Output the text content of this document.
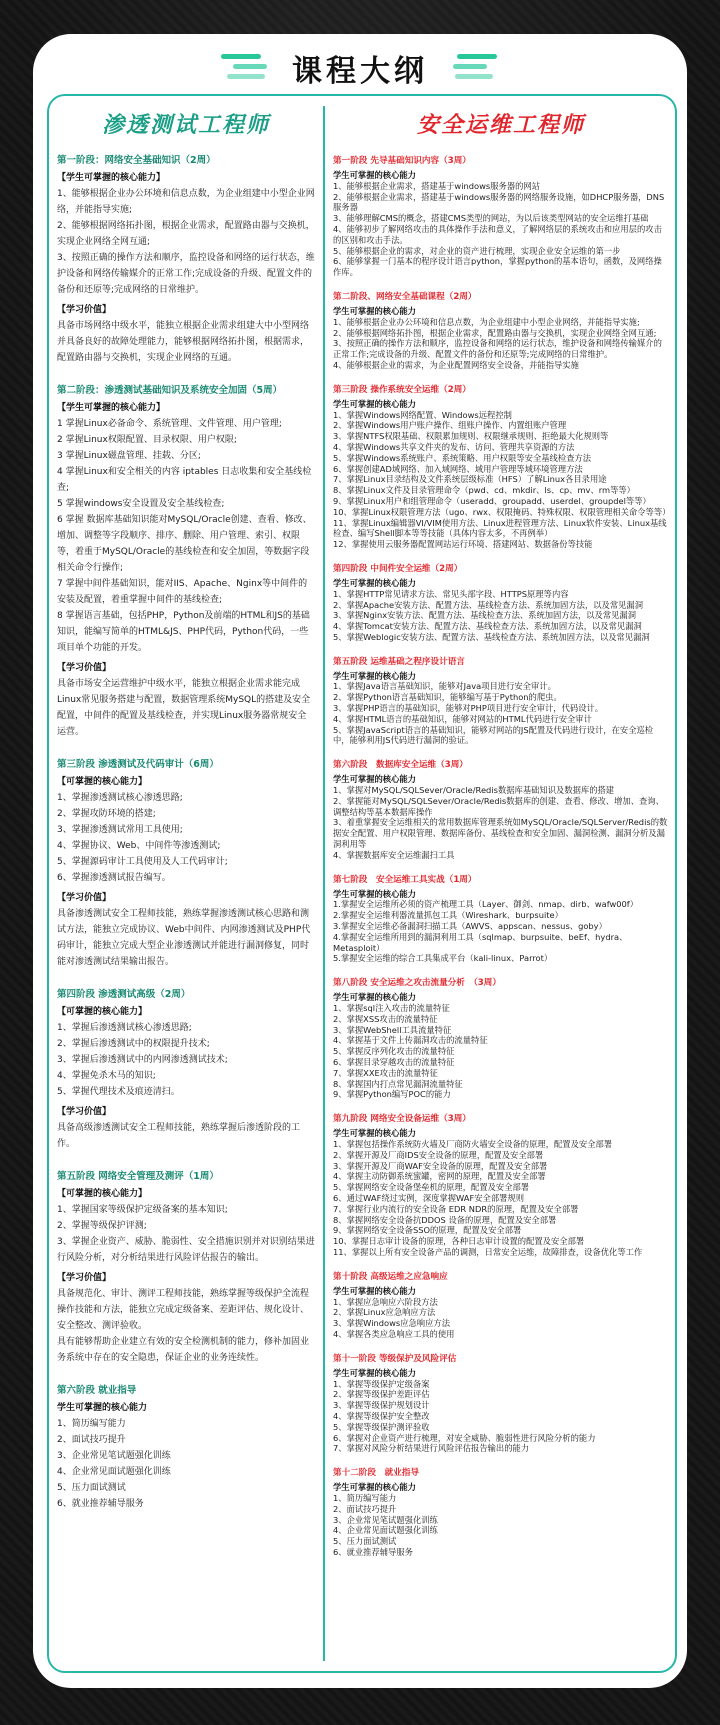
课程大纲
渗透测试工程师

第一阶段：网络安全基础知识（2周）

【学生可掌握的核心能力】

1、能够根据企业办公环境和信息点数，为企业组建中小型企业网络，并能指导实施;

2、能够根据网络拓扑图，根据企业需求，配置路由器与交换机，实现企业网络全网互通;

3、按照正确的操作方法和顺序，监控设备和网络的运行状态，维护设备和网络传输媒介的正常工作;完成设备的升级、配置文件的备份和还原等;完成网络的日常维护。

【学习价值】

具备市场网络中级水平，能独立根据企业需求组建大中小型网络并具备良好的故障处理能力，能够根据网络拓扑图，根据需求，配置路由器与交换机，实现企业网络的互通。

第二阶段：渗透测试基础知识及系统安全加固（5周）

【学生可掌握的核心能力】

1 掌握Linux必备命令、系统管理、文件管理、用户管理;

2 掌握Linux权限配置、目录权限、用户权限;

3 掌握Linux磁盘管理、挂载、分区;

4 掌握Linux和安全相关的内容 iptables 日志收集和安全基线检查;

5 掌握windows安全设置及安全基线检查;

6 掌握 数据库基础知识能对MySQL/Oracle创建、查看、修改、增加、调整等字段顺序、排序、删除、用户管理、索引、权限等，着重于MySQL/Oracle的基线检查和安全加固，等数据字段相关命令行操作;

7 掌握中间件基础知识，能对IIS、Apache、Nginx等中间件的安装及配置，着重掌握中间件的基线检查;

8 掌握语言基础，包括PHP，Python及前端的HTML和JS的基础知识，能编写简单的HTML&JS、PHP代码，Python代码，一些项目单个功能的开发。

【学习价值】

具备市场安全运营维护中级水平，能独立根据企业需求能完成Linux常见服务搭建与配置，数据管理系统MySQL的搭建及安全配置，中间件的配置及基线检查，并实现Linux服务器常规安全运营。

第三阶段 渗透测试及代码审计（6周）

【可掌握的核心能力】

1、掌握渗透测试核心渗透思路;

2、掌握攻防环境的搭建;

3、掌握渗透测试常用工具使用;

4、掌握协议、Web、中间件等渗透测试;

5、掌握源码审计工具使用及人工代码审计;

6、掌握渗透测试报告编写。

【学习价值】

具备渗透测试安全工程师技能，熟练掌握渗透测试核心思路和测试方法，能独立完成协议、Web中间件、内网渗透测试及PHP代码审计，能独立完成大型企业渗透测试并能进行漏洞修复，同时能对渗透测试结果输出报告。

第四阶段 渗透测试高级（2周）

【可掌握的核心能力】

1、掌握后渗透测试核心渗透思路;

2、掌握后渗透测试中的权限提升技术;

3、掌握后渗透测试中的内网渗透测试技术;

4、掌握免杀木马的知识;

5、掌握代理技术及痕迹清扫。

【学习价值】

具备高级渗透测试安全工程师技能，熟练掌握后渗透阶段的工作。

第五阶段 网络安全管理及测评（1周）

【可掌握的核心能力】

1、掌握国家等级保护定级备案的基本知识;

2、掌握等级保护评测;

3、掌握企业资产、威胁、脆弱性、安全措施识别并对识别结果进行风险分析，对分析结果进行风险评估报告的输出。

【学习价值】

具备规范化、审计、测评工程师技能，熟练掌握等级保护全流程操作技能和方法，能独立完成定级备案、差距评估、规化设计、安全整改、测评验收。

具有能够帮助企业建立有效的安全检测机制的能力，修补加固业务系统中存在的安全隐患，保证企业的业务连续性。

第六阶段 就业指导

学生可掌握的核心能力

1、简历编写能力

2、面试技巧提升

3、企业常见笔试题强化训练

4、企业常见面试题强化训练

5、压力面试测试

6、就业推荐辅导服务

安全运维工程师

第一阶段 先导基础知识内容（3周）

学生可掌握的核心能力

1、能够根据企业需求，搭建基于windows服务器的网站

2、能够根据企业需求，搭建基于windows服务器的网络服务设施，如DHCP服务器，DNS服务器

3、能够理解CMS的概念，搭建CMS类型的网站，为以后该类型网站的安全运维打基础

4、能够初步了解网络攻击的具体操作手法和意义，了解网络层的系统攻击和应用层的攻击的区别和攻击手法。

5、能够根据企业的需求，对企业的资产进行梳理，实现企业安全运维的第一步

6、能够掌握一门基本的程序设计语言python，掌握python的基本语句，函数，及网络操作库。

第二阶段、网络安全基础课程（2周）

学生可掌握的核心能力

1、能够根据企业办公环境和信息点数，为企业组建中小型企业网络，并能指导实施;

2、能够根据网络拓扑图，根据企业需求，配置路由器与交换机，实现企业网络全网互通;

3、按照正确的操作方法和顺序，监控设备和网络的运行状态，维护设备和网络传输媒介的正常工作;完成设备的升级、配置文件的备份和还原等;完成网络的日常维护。

4、能够根据企业的需求，为企业配置网络安全设备，并能指导实施

第三阶段 操作系统安全运维（2周）

学生可掌握的核心能力

1、掌握Windows网络配置、Windows远程控制

2、掌握Windows用户账户操作、组账户操作、内置组账户管理

3、掌握NTFS权限基础、权限累加规则、权限继承规则、拒绝最大化规则等

4、掌握Windows共享文件夹的发布、访问、管理共享资源的方法

5、掌握Windows系统账户、系统策略、用户权限等安全基线检查方法

6、掌握创建AD域网络、加入域网络、域用户管理等域环境管理方法

7、掌握Linux目录结构及文件系统层级标准（HFS）了解Linux各目录用途

8、掌握Linux文件及目录管理命令（pwd、cd、mkdir、ls、cp、mv、rm等等）

9、掌握Linux用户和组管理命令（useradd、groupadd、userdel、groupdel等等）

10、掌握Linux权限管理方法（ugo、rwx、权限掩码、特殊权限、权限管理相关命令等等）

11、掌握Linux编辑器VI/VIM使用方法、Linux进程管理方法、Linux软件安装、Linux基线检查、编写Shell脚本等等技能（具体内容太多，不再例举）

12、掌握使用云服务器配置网站运行环境、搭建网站、数据备份等技能

第四阶段 中间件安全运维（2周）

学生可掌握的核心能力

1、掌握HTTP常见请求方法、常见头部字段、HTTPS原理等内容

2、掌握Apache安装方法、配置方法、基线检查方法、系统加固方法，以及常见漏洞

3、掌握Nginx安装方法、配置方法、基线检查方法、系统加固方法，以及常见漏洞

4、掌握Tomcat安装方法、配置方法、基线检查方法、系统加固方法，以及常见漏洞

5、掌握Weblogic安装方法、配置方法、基线检查方法、系统加固方法，以及常见漏洞

第五阶段 运维基础之程序设计语言

学生可掌握的核心能力

1、掌握Java语言基础知识，能够对Java项目进行安全审计。

2、掌握Python语言基础知识，能够编写基于Python的爬虫。

3、掌握PHP语言的基础知识，能够对PHP项目进行安全审计，代码设计。

4、掌握HTML语言的基础知识，能够对网站的HTML代码进行安全审计

5、掌握JavaScript语言的基础知识，能够对网站的JS配置及代码进行设计，在安全巡检中，能够利用JS代码进行漏洞的验证。

第六阶段　数据库安全运维（3周）

学生可掌握的核心能力

1、掌握对MySQL/SQLSever/Oracle/Redis数据库基础知识及数据库的搭建

2、掌握能对MySQL/SQLSever/Oracle/Redis数据库的创建、查看、修改、增加、查询、调整结构等基本数据库操作

3、着重掌握安全运维相关的常用数据库管理系统如MySQL/Oracle/SQLServer/Redis的数据安全配置、用户权限管理、数据库备份、基线检查和安全加固、漏洞检测、漏洞分析及漏洞利用等

4、掌握数据库安全运维漏扫工具

第七阶段　安全运维工具实战（1周）

学生可掌握的核心能力

1.掌握安全运维所必须的资产梳理工具（Layer、御剑、nmap、dirb、wafw00f）

2.掌握安全运维利器流量抓包工具（Wireshark、burpsuite）

3.掌握安全运维必备漏洞扫描工具（AWVS、appscan、nessus、goby）

4.掌握安全运维所用到的漏洞利用工具（sqlmap、burpsuite、beEf、hydra、Metasploit）

5.掌握安全运维的综合工具集成平台（kali-linux、Parrot）

第八阶段 安全运维之攻击流量分析　（3周）

学生可掌握的核心能力

1、掌握sql注入攻击的流量特征

2、掌握XSS攻击的流量特征

3、掌握WebShell工具流量特征

4、掌握基于文件上传漏洞攻击的流量特征

5、掌握反序列化攻击的流量特征

6、掌握目录穿越攻击的流量特征

7、掌握XXE攻击的流量特征

8、掌握国内打点常见漏洞流量特征

9、掌握Python编写POC的能力

第九阶段 网络安全设备运维（3周）

学生可掌握的核心能力

1、掌握包括操作系统防火墙及厂商防火墙安全设备的原理，配置及安全部署

2、掌握开源及厂商IDS安全设备的原理，配置及安全部署

3、掌握开源及厂商WAF安全设备的原理，配置及安全部署

4、掌握主动防御系统蜜罐，密网的原理，配置及安全部署

5、掌握网络安全设备堡垒机的原理，配置及安全部署

6、通过WAF绕过实例，深度掌握WAF安全部署规则

7、掌握行业内流行的安全设备 EDR NDR的原理，配置及安全部署

8、掌握网络安全设备抗DDOS 设备的原理，配置及安全部署

9、掌握网络安全设备SSO的原理，配置及安全部署

10、掌握日志审计设备的原理，各种日志审计设置的配置及安全部署

11、掌握以上所有安全设备产品的调测，日常安全运维，故障排查，设备优化等工作

第十阶段 高级运维之应急响应

学生可掌握的核心能力

1、掌握应急响应六阶段方法

2、掌握Linux应急响应方法

3、掌握Windows应急响应方法

4、掌握各类应急响应工具的使用

第十一阶段 等级保护及风险评估

学生可掌握的核心能力

1、掌握等级保护定级备案

2、掌握等级保护差距评估

3、掌握等级保护规划设计

4、掌握等级保护安全整改

5、掌握等级保护测评验收

6、掌握对企业资产进行梳理，对安全威胁、脆弱性进行风险分析的能力

7、掌握对风险分析结果进行风险评估报告输出的能力

第十二阶段　就业指导

学生可掌握的核心能力

1、简历编写能力

2、面试技巧提升

3、企业常见笔试题强化训练

4、企业常见面试题强化训练

5、压力面试测试

6、就业推荐辅导服务
